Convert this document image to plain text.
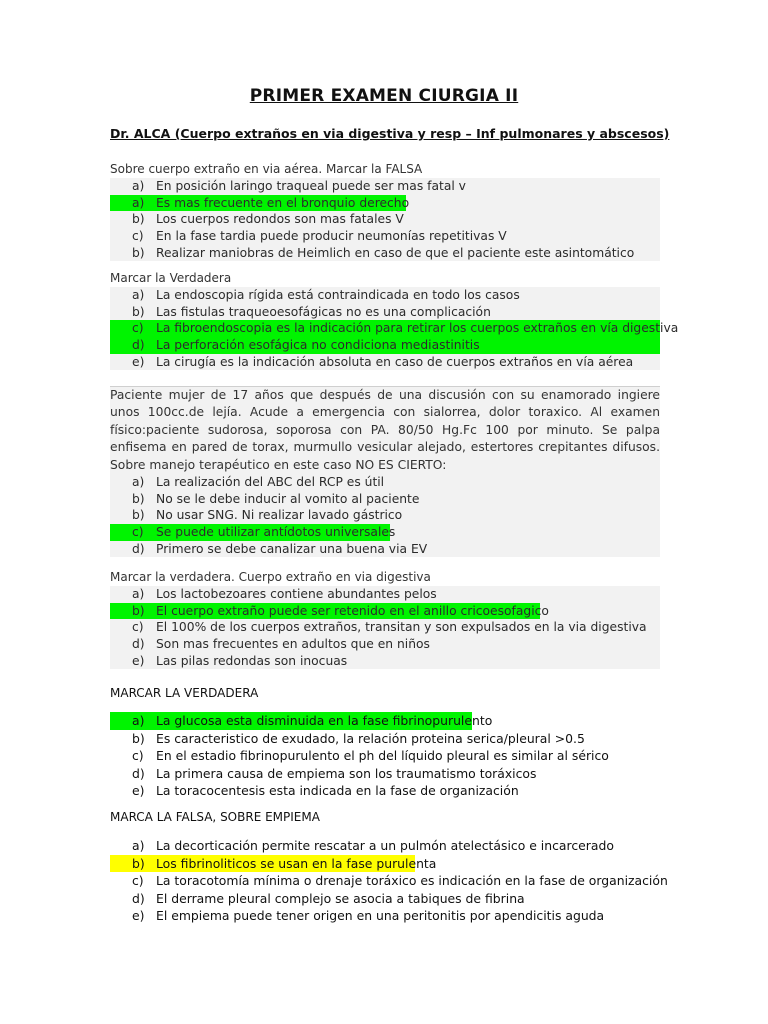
PRIMER EXAMEN CIURGIA II
Dr. ALCA (Cuerpo extraños en via digestiva y resp – Inf pulmonares y abscesos)
Sobre cuerpo extraño en via aérea. Marcar la FALSA
a) En posición laringo traqueal puede ser mas fatal v
a) Es mas frecuente en el bronquio derecho
b) Los cuerpos redondos son mas fatales V
c) En la fase tardia puede producir neumonías repetitivas V
b) Realizar maniobras de Heimlich en caso de que el paciente este asintomático
Marcar la Verdadera
a) La endoscopia rígida está contraindicada en todo los casos
b) Las fistulas traqueoesofágicas no es una complicación
c) La fibroendoscopia es la indicación para retirar los cuerpos extraños en vía digestiva
d) La perforación esofágica no condiciona mediastinitis
e) La cirugía es la indicación absoluta en caso de cuerpos extraños en vía aérea
Paciente mujer de 17 años que después de una discusión con su enamorado ingiere unos 100cc.de lejía. Acude a emergencia con sialorrea, dolor toraxico. Al examen físico:paciente sudorosa, soporosa con PA. 80/50 Hg.Fc 100 por minuto. Se palpa enfisema en pared de torax, murmullo vesicular alejado, estertores crepitantes difusos. Sobre manejo terapéutico en este caso NO ES CIERTO:
a) La realización del ABC del RCP es útil
b) No se le debe inducir al vomito al paciente
b) No usar SNG. Ni realizar lavado gástrico
c) Se puede utilizar antídotos universales
d) Primero se debe canalizar una buena via EV
Marcar la verdadera. Cuerpo extraño en via digestiva
a) Los lactobezoares contiene abundantes pelos
b) El cuerpo extraño puede ser retenido en el anillo cricoesofagico
c) El 100% de los cuerpos extraños, transitan y son expulsados en la via digestiva
d) Son mas frecuentes en adultos que en niños
e) Las pilas redondas son inocuas
MARCAR LA VERDADERA
a) La glucosa esta disminuida en la fase fibrinopurulento
b) Es caracteristico de exudado, la relación proteina serica/pleural >0.5
c) En el estadio fibrinopurulento el ph del líquido pleural es similar al sérico
d) La primera causa de empiema son los traumatismo toráxicos
e) La toracocentesis esta indicada en la fase de organización
MARCA LA FALSA, SOBRE EMPIEMA
a) La decorticación permite rescatar a un pulmón atelectásico e incarcerado
b) Los fibrinoliticos se usan en la fase purulenta
c) La toracotomía mínima o drenaje toráxico es indicación en la fase de organización
d) El derrame pleural complejo se asocia a tabiques de fibrina
e) El empiema puede tener origen en una peritonitis por apendicitis aguda
